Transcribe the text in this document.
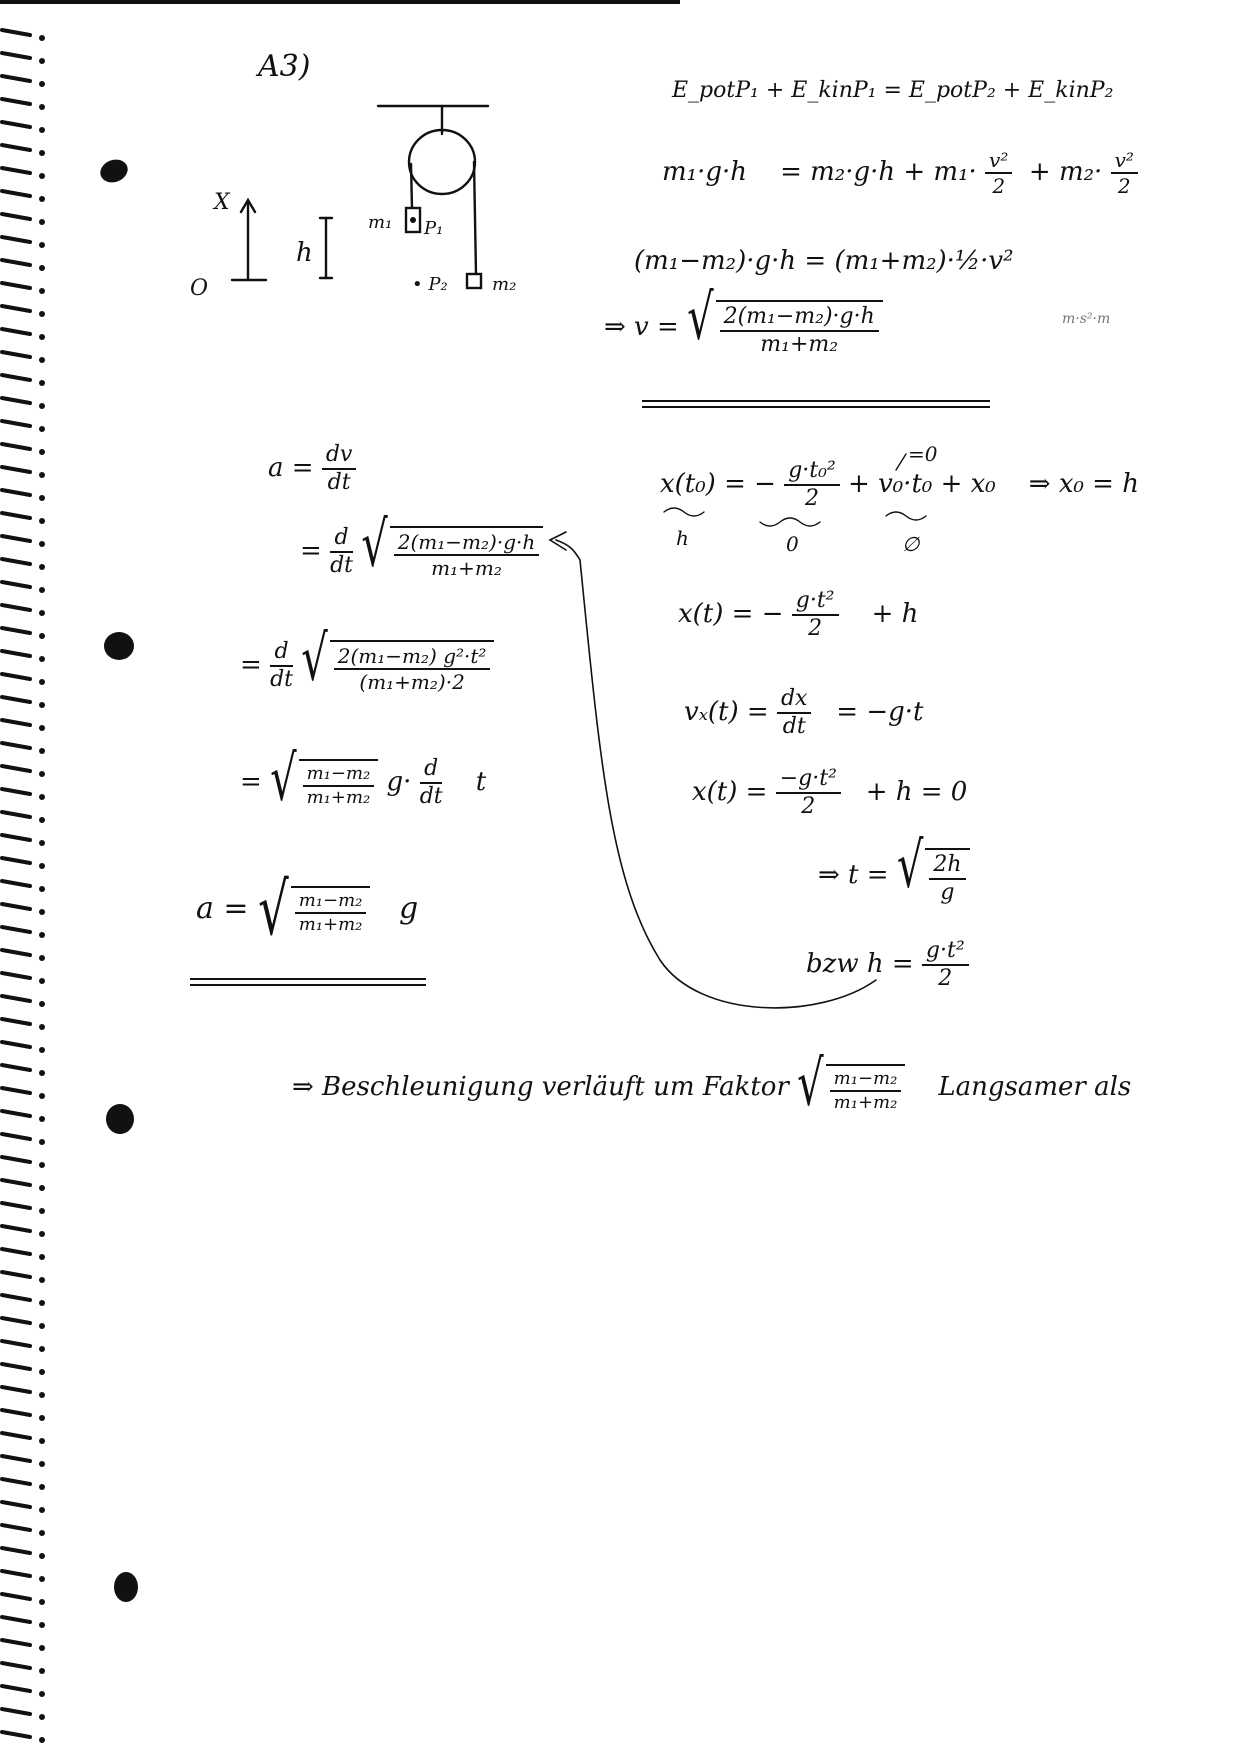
A3)
X
O
h
m₁ P₁
• P₂ m₂
E_potP₁ + E_kinP₁ = E_potP₂ + E_kinP₂
$m_1\cdot g\cdot h = m_2\cdot g\cdot h + m_1\cdot \frac{\text{v²}}{2} + m_2\cdot \frac{\text{v²}}{2}$
(m₁−m₂)·g·h = (m₁+m₂)·½·v²
⇒ v = √ $\frac{\text{2(m₁−m₂)·g·h}}{\text{m₁+m₂}}$	m·s²·m
$a = \frac{dv}{dt}$
= $\frac{d}{dt}$
√ $\frac{\text{2(m₁−m₂)·g·h}}{\text{m₁+m₂}}$
= $\frac{d}{dt}$
√ $\frac{\text{2(m₁−m₂) g²·t²}}{\text{(m₁+m₂)·2}}$
= √ $\frac{\text{m₁−m₂}}{\text{m₁+m₂}} g\cdot \frac{d}{dt}$ t
a = √ $\frac{\text{m₁−m₂}}{\text{m₁+m₂}}$ g
x(t₀) = − $\frac{\text{g·t₀²}}{2} + v_0\cdot t_0 + x_0$ ⇒ x₀ = h
=0
h	0	∅
x(t) = − $\frac{\text{g·t²}}{2} + h$
$v_x(t) = \frac{dx}{dt} = -g\cdot t$
$x(t) = \frac{\text{−g·t²}}{2} + h = 0$
⇒ t = √ $\frac{2h}{g}$
bzw $h = \frac{\text{g·t²}}{2}$
⇒ Beschleunigung verläuft um Faktor √ $\frac{\text{m₁−m₂}}{\text{m₁+m₂}}$ Langsamer als
